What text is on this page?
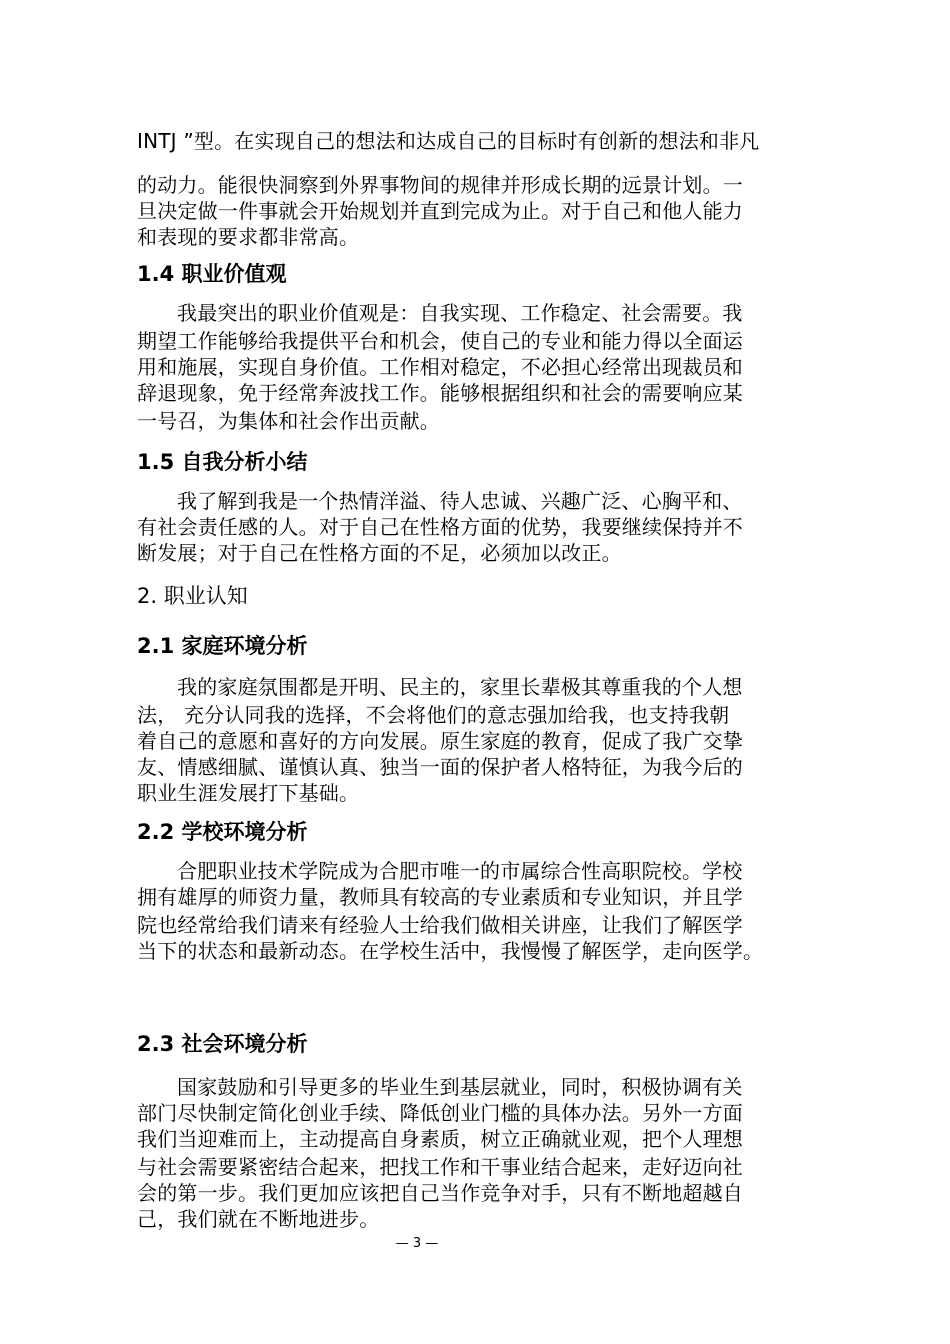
INTJ ”型。在实现自己的想法和达成自己的目标时有创新的想法和非凡
的动力。能很快洞察到外界事物间的规律并形成长期的远景计划。一
旦决定做一件事就会开始规划并直到完成为止。对于自己和他人能力
和表现的要求都非常高。
1.4 职业价值观
我最突出的职业价值观是：自我实现、工作稳定、社会需要。我
期望工作能够给我提供平台和机会，使自己的专业和能力得以全面运
用和施展，实现自身价值。工作相对稳定，不必担心经常出现裁员和
辞退现象，免于经常奔波找工作。能够根据组织和社会的需要响应某
一号召，为集体和社会作出贡献。
1.5 自我分析小结
我了解到我是一个热情洋溢、待人忠诚、兴趣广泛、心胸平和、
有社会责任感的人。对于自己在性格方面的优势，我要继续保持并不
断发展；对于自己在性格方面的不足，必须加以改正。
2. 职业认知
2.1 家庭环境分析
我的家庭氛围都是开明、民主的，家里长辈极其尊重我的个人想
法， 充分认同我的选择，不会将他们的意志强加给我，也支持我朝
着自己的意愿和喜好的方向发展。原生家庭的教育，促成了我广交挚
友、情感细腻、谨慎认真、独当一面的保护者人格特征，为我今后的
职业生涯发展打下基础。
2.2 学校环境分析
合肥职业技术学院成为合肥市唯一的市属综合性高职院校。学校
拥有雄厚的师资力量，教师具有较高的专业素质和专业知识，并且学
院也经常给我们请来有经验人士给我们做相关讲座，让我们了解医学
当下的状态和最新动态。在学校生活中，我慢慢了解医学，走向医学。
2.3 社会环境分析
国家鼓励和引导更多的毕业生到基层就业，同时，积极协调有关
部门尽快制定简化创业手续、降低创业门槛的具体办法。另外一方面
我们当迎难而上，主动提高自身素质，树立正确就业观，把个人理想
与社会需要紧密结合起来，把找工作和干事业结合起来，走好迈向社
会的第一步。我们更加应该把自己当作竞争对手，只有不断地超越自
己，我们就在不断地进步。
— 3 —
